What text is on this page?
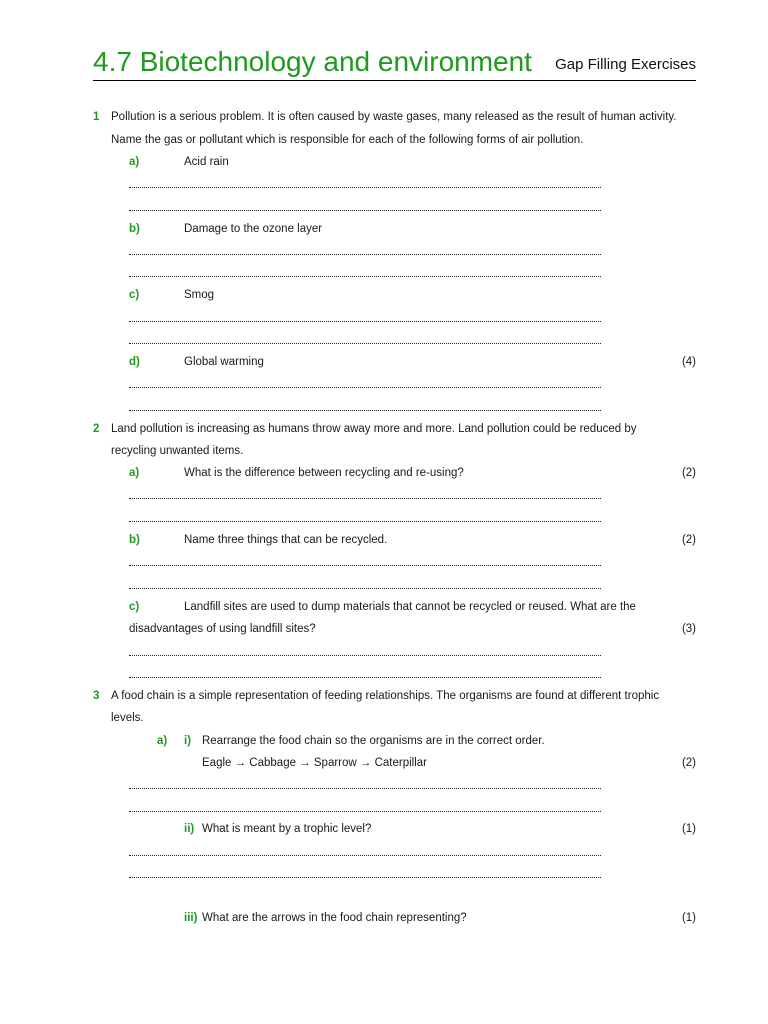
4.7 Biotechnology and environment Gap Filling Exercises
1 Pollution is a serious problem. It is often caused by waste gases, many released as the result of human activity.
Name the gas or pollutant which is responsible for each of the following forms of air pollution.
a)	Acid rain
b)	Damage to the ozone layer
c)	Smog
d)	Global warming	(4)
2 Land pollution is increasing as humans throw away more and more. Land pollution could be reduced by
recycling unwanted items.
a)	What is the difference between recycling and re-using?	(2)
b)	Name three things that can be recycled.	(2)
c)	Landfill sites are used to dump materials that cannot be recycled or reused. What are the
disadvantages of using landfill sites?	(3)
3 A food chain is a simple representation of feeding relationships. The organisms are found at different trophic
levels.
a) i) Rearrange the food chain so the organisms are in the correct order.
Eagle → Cabbage → Sparrow → Caterpillar	(2)
ii) What is meant by a trophic level?	(1)
iii) What are the arrows in the food chain representing?	(1)
